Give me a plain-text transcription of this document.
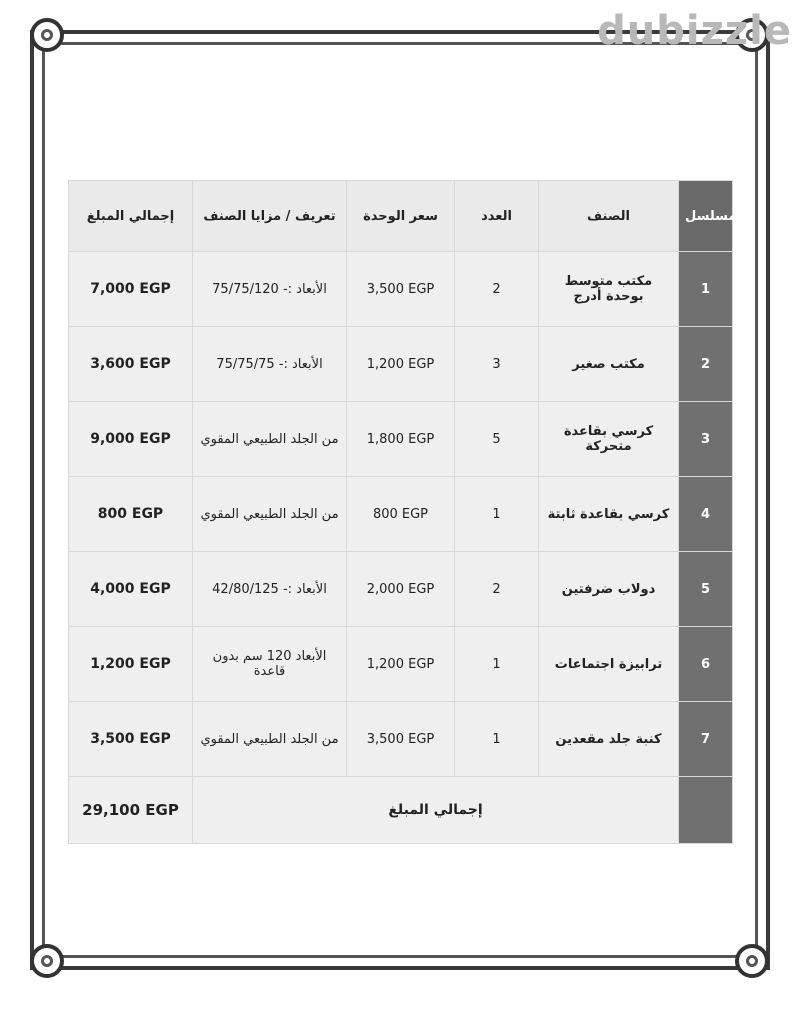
dubizzle
إجمالي المبلغ	تعريف / مزايا الصنف	سعر الوحدة	العدد	الصنف	مسلسل
7,000 EGP	الأبعاد :- 75/75/120	3,500 EGP	2	مكتب متوسط بوحدة أدرج	1
3,600 EGP	الأبعاد :- 75/75/75	1,200 EGP	3	مكتب صغير	2
9,000 EGP	من الجلد الطبيعي المقوي	1,800 EGP	5	كرسي بقاعدة متحركة	3
800 EGP	من الجلد الطبيعي المقوي	800 EGP	1	كرسي بقاعدة ثابتة	4
4,000 EGP	الأبعاد :- 42/80/125	2,000 EGP	2	دولاب ضرفتين	5
1,200 EGP	الأبعاد 120 سم بدون قاعدة	1,200 EGP	1	ترابيزة اجتماعات	6
3,500 EGP	من الجلد الطبيعي المقوي	3,500 EGP	1	كنبة جلد مقعدين	7
29,100 EGP	إجمالي المبلغ				
